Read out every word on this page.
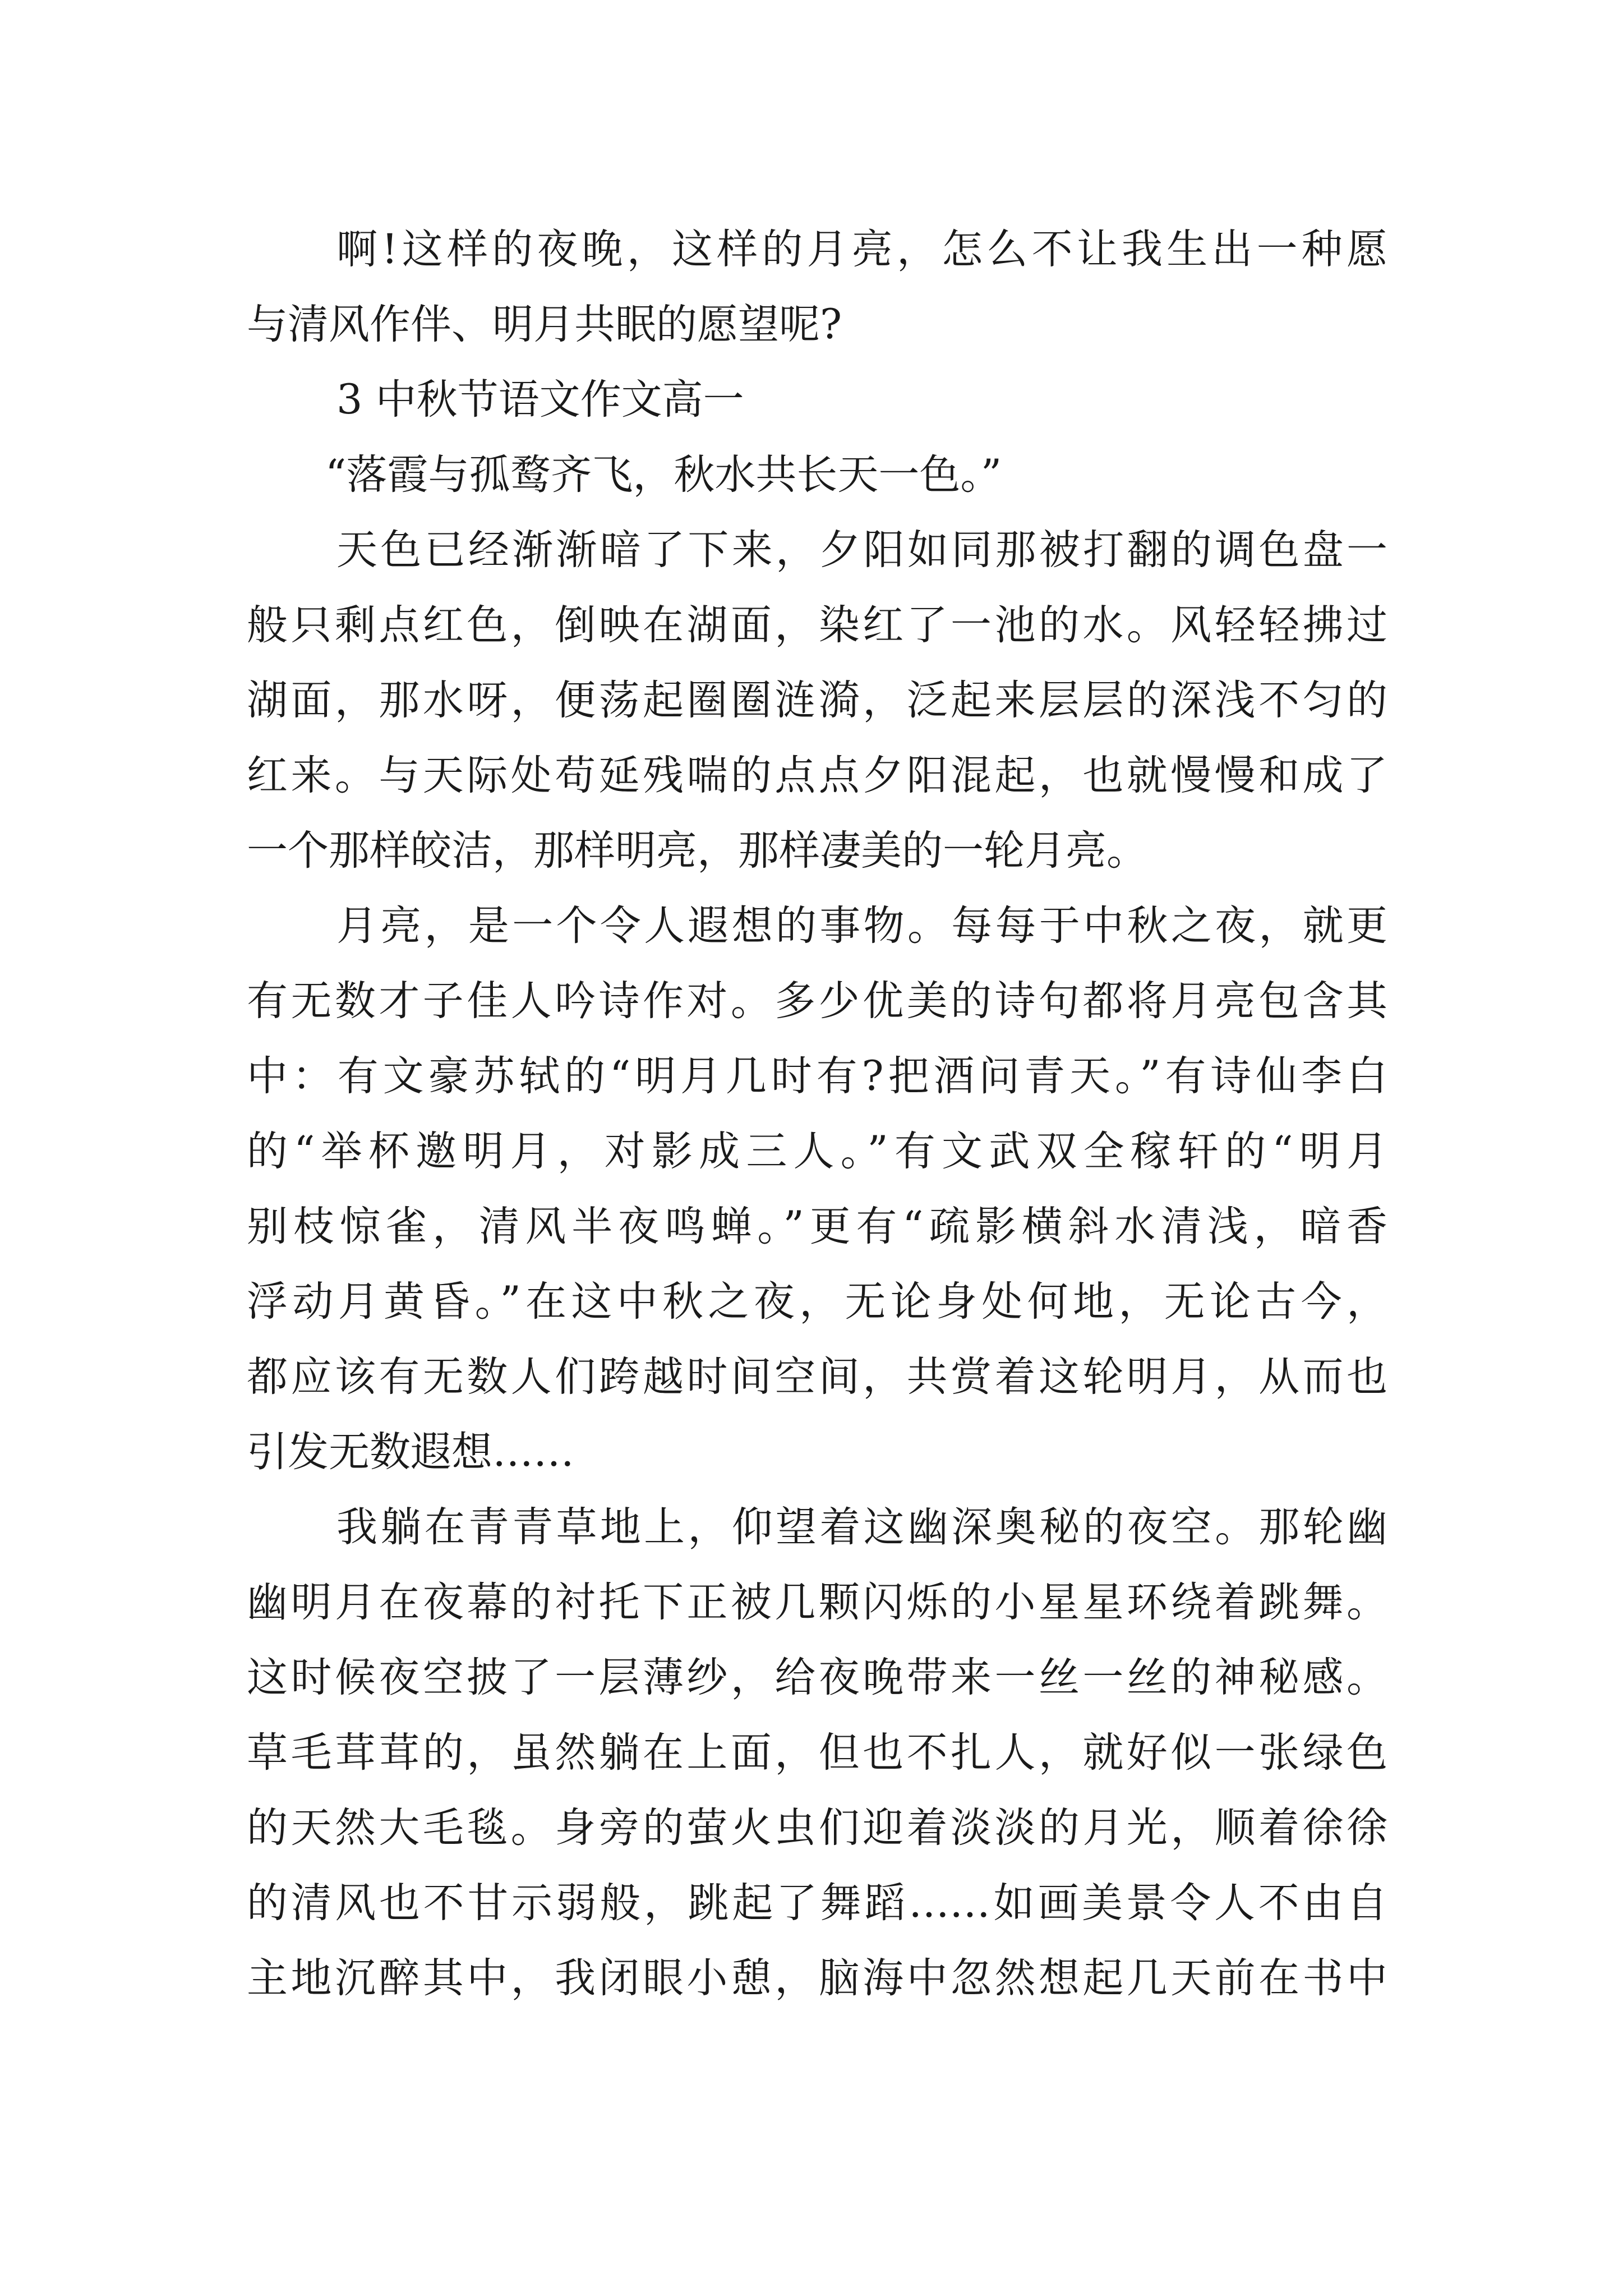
啊!这样的夜晚，这样的月亮，怎么不让我生出一种愿
与清风作伴、明月共眠的愿望呢?
3 中秋节语文作文高一
“落霞与孤鹜齐飞，秋水共长天一色。”
天色已经渐渐暗了下来，夕阳如同那被打翻的调色盘一
般只剩点红色，倒映在湖面，染红了一池的水。风轻轻拂过
湖面，那水呀，便荡起圈圈涟漪，泛起来层层的深浅不匀的
红来。与天际处苟延残喘的点点夕阳混起，也就慢慢和成了
一个那样皎洁，那样明亮，那样凄美的一轮月亮。
月亮，是一个令人遐想的事物。每每于中秋之夜，就更
有无数才子佳人吟诗作对。多少优美的诗句都将月亮包含其
中：有文豪苏轼的“明月几时有?把酒问青天。”有诗仙李白
的“举杯邀明月，对影成三人。”有文武双全稼轩的“明月
别枝惊雀，清风半夜鸣蝉。”更有“疏影横斜水清浅，暗香
浮动月黄昏。”在这中秋之夜，无论身处何地，无论古今，
都应该有无数人们跨越时间空间，共赏着这轮明月，从而也
引发无数遐想……
我躺在青青草地上，仰望着这幽深奥秘的夜空。那轮幽
幽明月在夜幕的衬托下正被几颗闪烁的小星星环绕着跳舞。
这时候夜空披了一层薄纱，给夜晚带来一丝一丝的神秘感。
草毛茸茸的，虽然躺在上面，但也不扎人，就好似一张绿色
的天然大毛毯。身旁的萤火虫们迎着淡淡的月光，顺着徐徐
的清风也不甘示弱般，跳起了舞蹈……如画美景令人不由自
主地沉醉其中，我闭眼小憩，脑海中忽然想起几天前在书中
